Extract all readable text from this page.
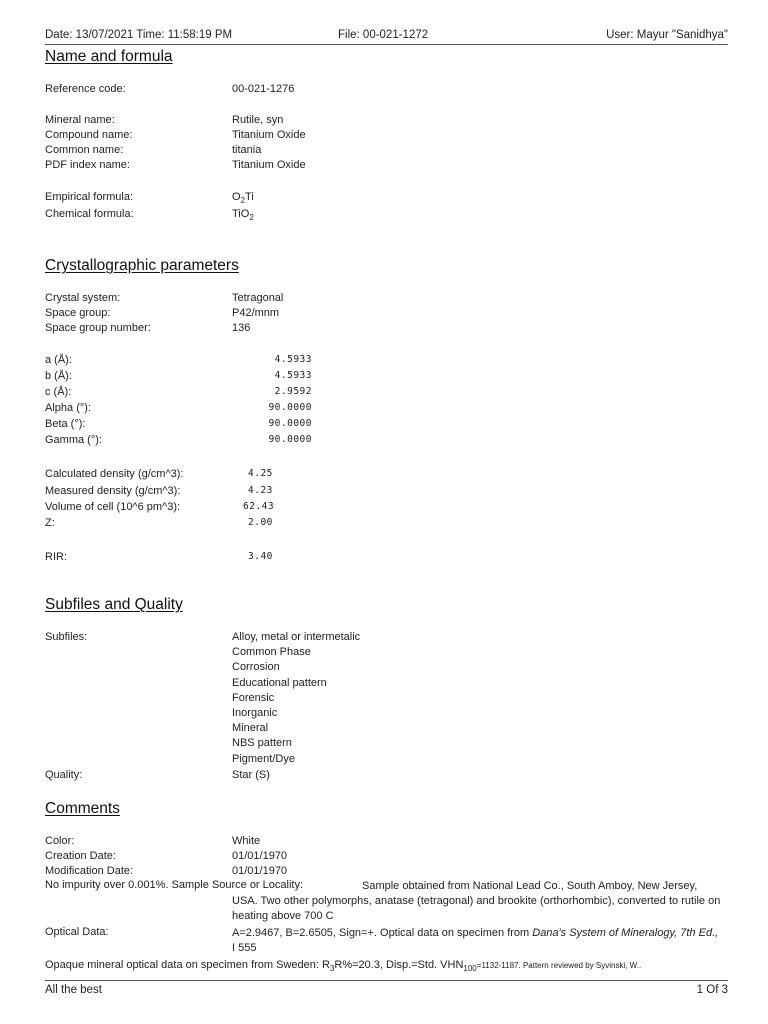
Date: 13/07/2021 Time: 11:58:19 PM	File: 00-021-1272	User: Mayur "Sanidhya"
Name and formula
Reference code:	00-021-1276
Mineral name:	Rutile, syn
Compound name:	Titanium Oxide
Common name:	titania
PDF index name:	Titanium Oxide
Empirical formula:	$O_2Ti$
Chemical formula:	TiO$_2$
Crystallographic parameters
Crystal system:	Tetragonal
Space group:	P42/mnm
Space group number:	136
a (Å):	4.5933
b (Å):	4.5933
c (Å):	2.9592
Alpha (°):	90.0000
Beta (°):	90.0000
Gamma (°):	90.0000
Calculated density (g/cm^3):	4.25
Measured density (g/cm^3):	4.23
Volume of cell (10^6 pm^3):	62.43
Z:	2.00
RIR:	3.40
Subfiles and Quality
Subfiles:	Alloy, metal or intermetalic
Common Phase
Corrosion
Educational pattern
Forensic
Inorganic
Mineral
NBS pattern
Pigment/Dye
Quality:	Star (S)
Comments
Color:	White
Creation Date:	01/01/1970
Modification Date:	01/01/1970
No impurity over 0.001%. Sample Source or Locality:	Sample obtained from National Lead Co., South Amboy, New Jersey, USA. Two other polymorphs, anatase (tetragonal) and brookite (orthorhombic), converted to rutile on heating above 700 C
Optical Data:	A=2.9467, B=2.6505, Sign=+. Optical data on specimen from Dana's System of Mineralogy, 7th Ed., I 555
Opaque mineral optical data on specimen from Sweden: $R_3R\%=20.3$, Disp.=Std. $VHN_{100}=1132-1187$. Pattern reviewed by Syvinski, W..
All the best	1 Of 3
